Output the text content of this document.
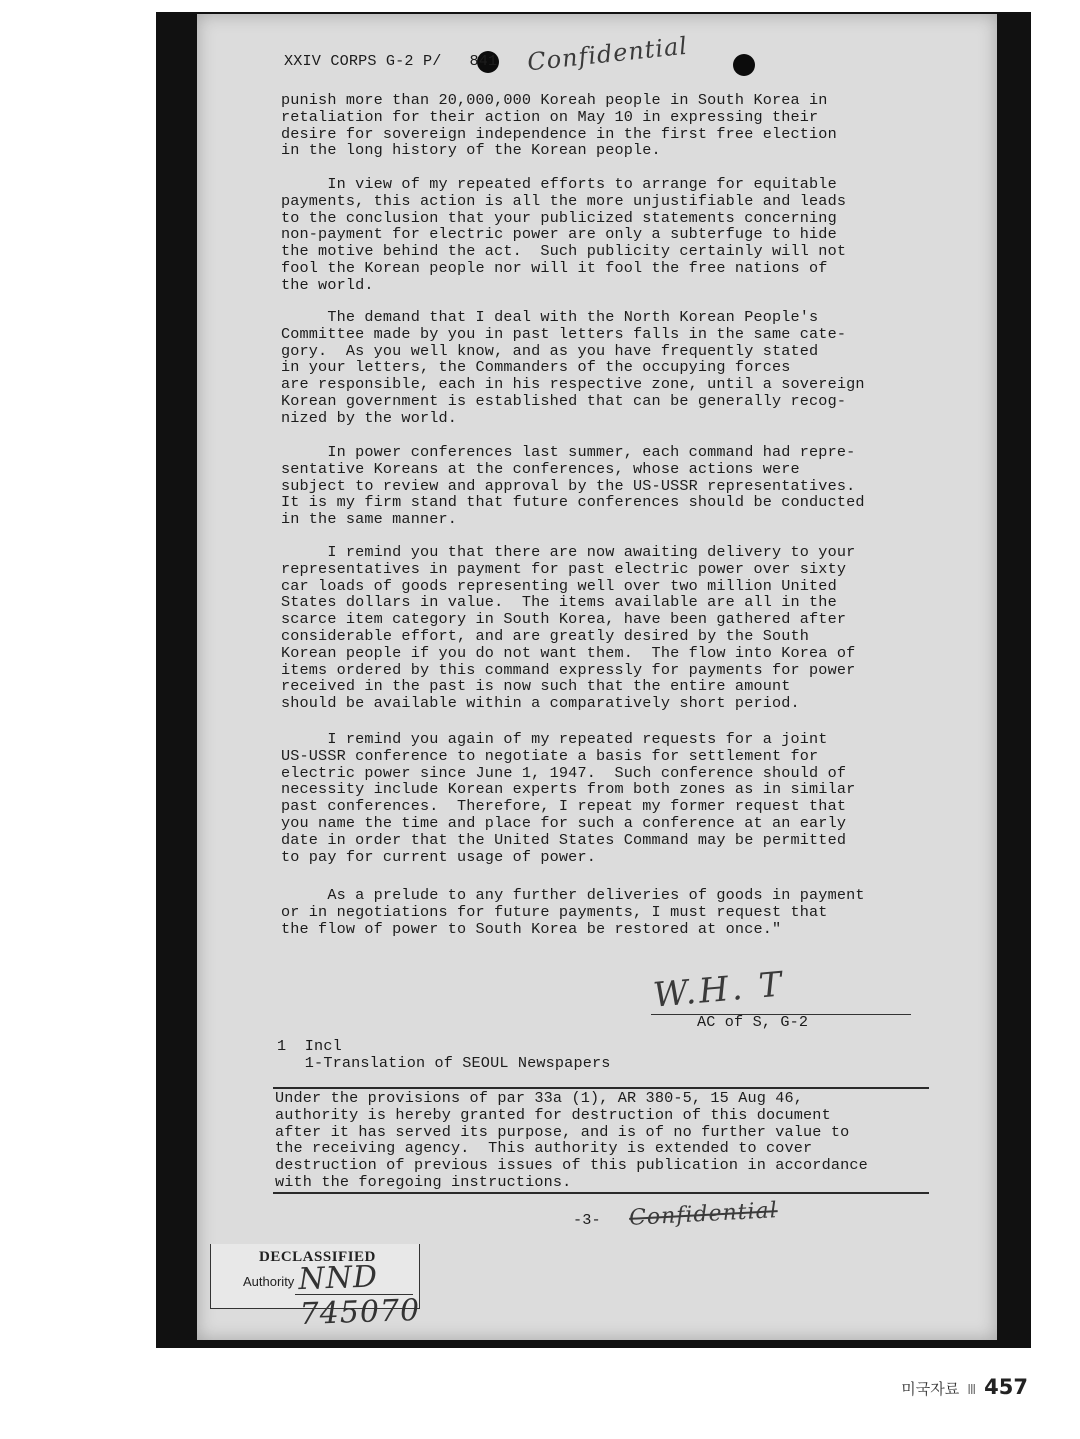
XXIV CORPS G-2 P/ 841 Confidential

punish more than 20,000,000 Koreah people in South Korea in
retaliation for their action on May 10 in expressing their
desire for sovereign independence in the first free election
in the long history of the Korean people.

In view of my repeated efforts to arrange for equitable
payments, this action is all the more unjustifiable and leads
to the conclusion that your publicized statements concerning
non-payment for electric power are only a subterfuge to hide
the motive behind the act.  Such publicity certainly will not
fool the Korean people nor will it fool the free nations of
the world.

The demand that I deal with the North Korean People's
Committee made by you in past letters falls in the same cate-
gory.  As you well know, and as you have frequently stated
in your letters, the Commanders of the occupying forces
are responsible, each in his respective zone, until a sovereign
Korean government is established that can be generally recog-
nized by the world.

In power conferences last summer, each command had repre-
sentative Koreans at the conferences, whose actions were
subject to review and approval by the US-USSR representatives.
It is my firm stand that future conferences should be conducted
in the same manner.

I remind you that there are now awaiting delivery to your
representatives in payment for past electric power over sixty
car loads of goods representing well over two million United
States dollars in value.  The items available are all in the
scarce item category in South Korea, have been gathered after
considerable effort, and are greatly desired by the South
Korean people if you do not want them.  The flow into Korea of
items ordered by this command expressly for payments for power
received in the past is now such that the entire amount
should be available within a comparatively short period.

I remind you again of my repeated requests for a joint
US-USSR conference to negotiate a basis for settlement for
electric power since June 1, 1947.  Such conference should of
necessity include Korean experts from both zones as in similar
past conferences.  Therefore, I repeat my former request that
you name the time and place for such a conference at an early
date in order that the United States Command may be permitted
to pay for current usage of power.

As a prelude to any further deliveries of goods in payment
or in negotiations for future payments, I must request that
the flow of power to South Korea be restored at once."

W.H. T
AC of S, G-2
1  Incl
1-Translation of SEOUL Newspapers
Under the provisions of par 33a (1), AR 380-5, 15 Aug 46,
authority is hereby granted for destruction of this document
after it has served its purpose, and is of no further value to
the receiving agency.  This authority is extended to cover
destruction of previous issues of this publication in accordance
with the foregoing instructions.
-3- Confidential
DECLASSIFIED
Authority NND 745070
미국자료 Ⅲ 457
